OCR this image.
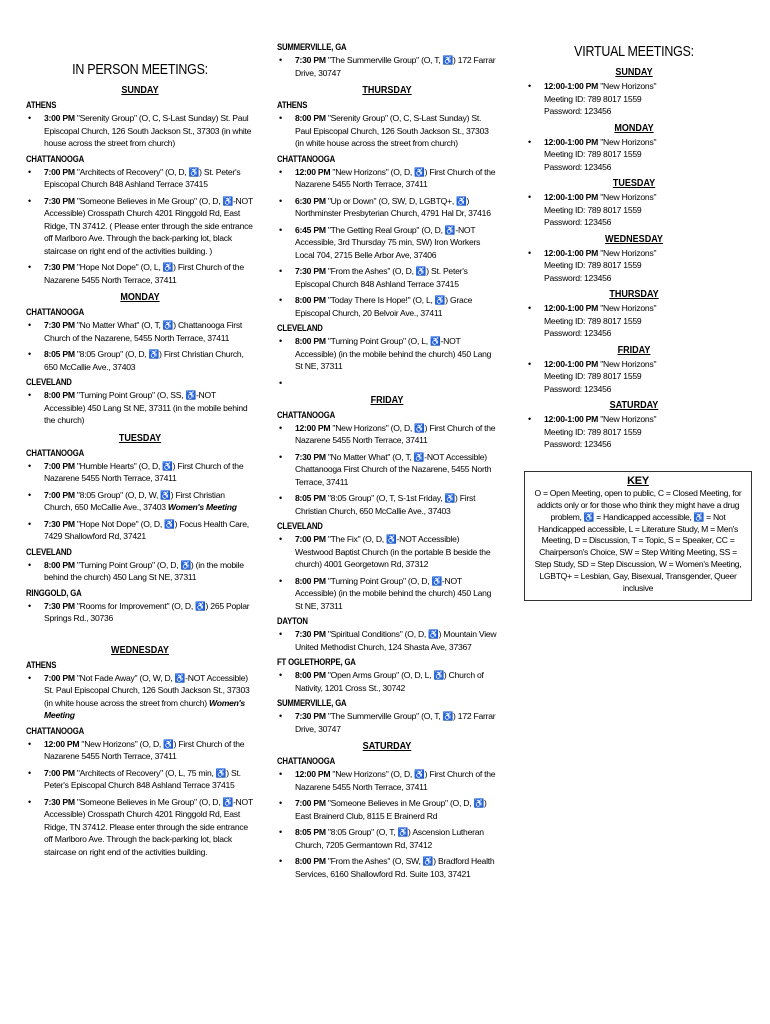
IN PERSON MEETINGS:
SUNDAY
ATHENS
• 3:00 PM "Serenity Group" (O, C, S-Last Sunday) St. Paul Episcopal Church, 126 South Jackson St., 37303 (in white house across the street from church)
CHATTANOOGA
• 7:00 PM "Architects of Recovery" (O, D, ♿) St. Peter's Episcopal Church 848 Ashland Terrace 37415
• 7:30 PM "Someone Believes in Me Group" (O, D, ♿-NOT Accessible) Crosspath Church 4201 Ringgold Rd, East Ridge, TN 37412. ( Please enter through the side entrance off Marlboro Ave. Through the back-parking lot, black staircase on right end of the activities building. )
• 7:30 PM "Hope Not Dope" (O, L, ♿) First Church of the Nazarene 5455 North Terrace, 37411
MONDAY
CHATTANOOGA
• 7:30 PM "No Matter What" (O, T, ♿) Chattanooga First Church of the Nazarene, 5455 North Terrace, 37411
• 8:05 PM "8:05 Group" (O, D, ♿) First Christian Church, 650 McCallie Ave., 37403
CLEVELAND
• 8:00 PM "Turning Point Group" (O, SS, ♿-NOT Accessible) 450 Lang St NE, 37311 (in the mobile behind the church)
TUESDAY
CHATTANOOGA
• 7:00 PM "Humble Hearts" (O, D, ♿) First Church of the Nazarene 5455 North Terrace, 37411
• 7:00 PM "8:05 Group" (O, D, W, ♿) First Christian Church, 650 McCallie Ave., 37403 Women's Meeting
• 7:30 PM "Hope Not Dope" (O, D, ♿) Focus Health Care, 7429 Shallowford Rd, 37421
CLEVELAND
• 8:00 PM "Turning Point Group" (O, D, ♿) (in the mobile behind the church) 450 Lang St NE, 37311
RINGGOLD, GA
• 7:30 PM "Rooms for Improvement" (O, D, ♿) 265 Poplar Springs Rd., 30736
WEDNESDAY
ATHENS
• 7:00 PM "Not Fade Away" (O, W, D, ♿-NOT Accessible) St. Paul Episcopal Church, 126 South Jackson St., 37303 (in white house across the street from church) Women's Meeting
CHATTANOOGA
• 12:00 PM "New Horizons" (O, D, ♿) First Church of the Nazarene 5455 North Terrace, 37411
• 7:00 PM "Architects of Recovery" (O, L, 75 min, ♿) St. Peter's Episcopal Church 848 Ashland Terrace 37415
• 7:30 PM "Someone Believes in Me Group" (O, D, ♿-NOT Accessible) Crosspath Church 4201 Ringgold Rd, East Ridge, TN 37412. Please enter through the side entrance off Marlboro Ave. Through the back-parking lot, black staircase on right end of the activities building.
SUMMERVILLE, GA
• 7:30 PM "The Summerville Group" (O, T, ♿) 172 Farrar Drive, 30747
THURSDAY
ATHENS
• 8:00 PM "Serenity Group" (O, C, S-Last Sunday) St. Paul Episcopal Church, 126 South Jackson St., 37303 (in white house across the street from church)
CHATTANOOGA
• 12:00 PM "New Horizons" (O, D, ♿) First Church of the Nazarene 5455 North Terrace, 37411
• 6:30 PM "Up or Down" (O, SW, D, LGBTQ+, ♿) Northminster Presbyterian Church, 4791 Hal Dr, 37416
• 6:45 PM "The Getting Real Group" (O, D, ♿-NOT Accessible, 3rd Thursday 75 min, SW) Iron Workers Local 704, 2715 Belle Arbor Ave, 37406
• 7:30 PM "From the Ashes" (O, D, ♿) St. Peter's Episcopal Church 848 Ashland Terrace 37415
• 8:00 PM "Today There Is Hope!" (O, L, ♿) Grace Episcopal Church, 20 Belvoir Ave., 37411
CLEVELAND
• 8:00 PM "Turning Point Group" (O, L, ♿-NOT Accessible) (in the mobile behind the church) 450 Lang St NE, 37311
•
FRIDAY
CHATTANOOGA
• 12:00 PM "New Horizons" (O, D, ♿) First Church of the Nazarene 5455 North Terrace, 37411
• 7:30 PM "No Matter What" (O, T, ♿-NOT Accessible) Chattanooga First Church of the Nazarene, 5455 North Terrace, 37411
• 8:05 PM "8:05 Group" (O, T, S-1st Friday, ♿) First Christian Church, 650 McCallie Ave., 37403
CLEVELAND
• 7:00 PM "The Fix" (O, D, ♿-NOT Accessible) Westwood Baptist Church (in the portable B beside the church) 4001 Georgetown Rd, 37312
• 8:00 PM "Turning Point Group" (O, D, ♿-NOT Accessible) (in the mobile behind the church) 450 Lang St NE, 37311
DAYTON
• 7:30 PM "Spiritual Conditions" (O, D, ♿) Mountain View United Methodist Church, 124 Shasta Ave, 37367
FT OGLETHORPE, GA
• 8:00 PM "Open Arms Group" (O, D, L, ♿) Church of Nativity, 1201 Cross St., 30742
SUMMERVILLE, GA
• 7:30 PM "The Summerville Group" (O, T, ♿) 172 Farrar Drive, 30747
SATURDAY
CHATTANOOGA
• 12:00 PM "New Horizons" (O, D, ♿) First Church of the Nazarene 5455 North Terrace, 37411
• 7:00 PM "Someone Believes in Me Group" (O, D, ♿) East Brainerd Club, 8115 E Brainerd Rd
• 8:05 PM "8:05 Group" (O, T, ♿) Ascension Lutheran Church, 7205 Germantown Rd, 37412
• 8:00 PM "From the Ashes" (O, SW, ♿) Bradford Health Services, 6160 Shallowford Rd. Suite 103, 37421
VIRTUAL MEETINGS:
SUNDAY
• 12:00-1:00 PM "New Horizons"
Meeting ID: 789 8017 1559
Password: 123456
MONDAY
• 12:00-1:00 PM "New Horizons"
Meeting ID: 789 8017 1559
Password: 123456
TUESDAY
• 12:00-1:00 PM "New Horizons"
Meeting ID: 789 8017 1559
Password: 123456
WEDNESDAY
• 12:00-1:00 PM "New Horizons"
Meeting ID: 789 8017 1559
Password: 123456
THURSDAY
• 12:00-1:00 PM "New Horizons"
Meeting ID: 789 8017 1559
Password: 123456
FRIDAY
• 12:00-1:00 PM "New Horizons"
Meeting ID: 789 8017 1559
Password: 123456
SATURDAY
• 12:00-1:00 PM "New Horizons"
Meeting ID: 789 8017 1559
Password: 123456
KEY
O = Open Meeting, open to public, C = Closed Meeting, for addicts only or for those who think they might have a drug problem, ♿ = Handicapped accessible, ♿ = Not Handicapped accessible, L = Literature Study, M = Men's Meeting, D = Discussion, T = Topic, S = Speaker, CC = Chairperson's Choice, SW = Step Writing Meeting, SS = Step Study, SD = Step Discussion, W = Women's Meeting, LGBTQ+ = Lesbian, Gay, Bisexual, Transgender, Queer inclusive
